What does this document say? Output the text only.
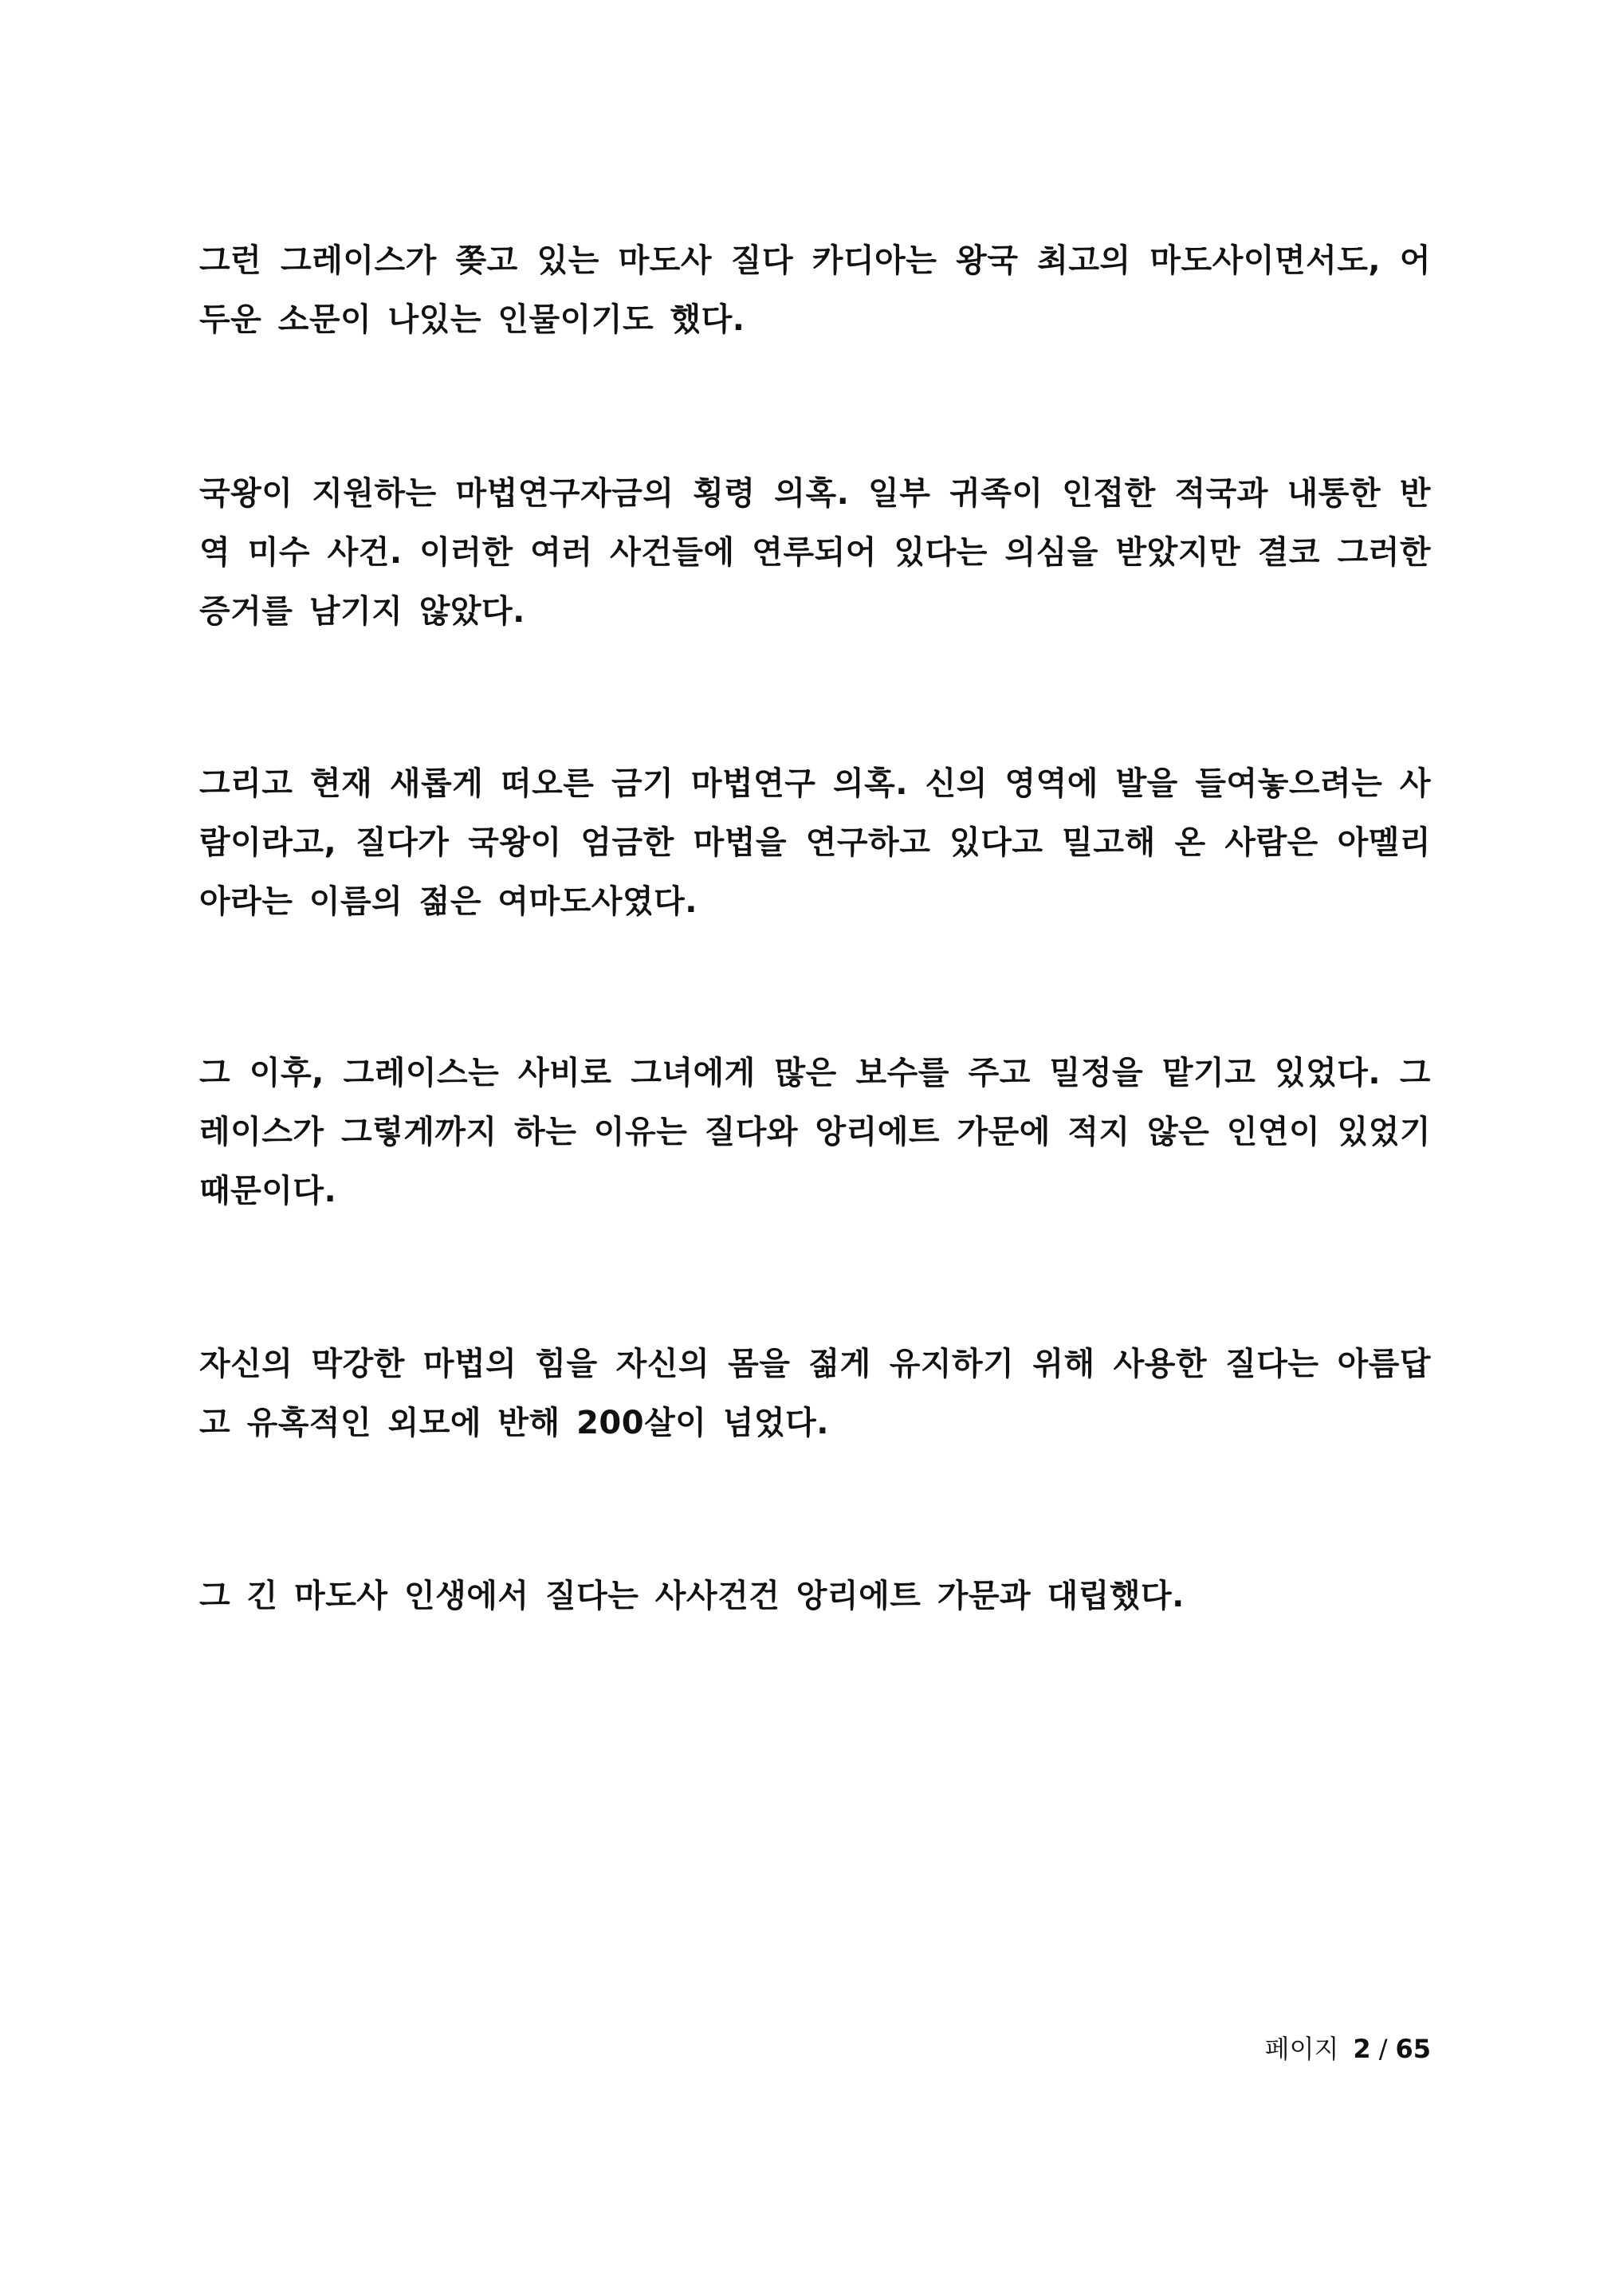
그런 그레이스가 쫒고 있는 마도사 질다 카디아는 왕국 최고의 마도사이면서도, 어두운 소문이 나있는 인물이기도 했다.

국왕이 지원하는 마법연구자금의 횡령 의혹. 일부 귀족이 인접한 적국과 내통한 반역 미수 사건. 이러한 여러 사건들에 연루되어 있다는 의심을 받았지만 결코 그러한 증거를 남기지 않았다.

그리고 현재 새롭게 떠오른 금기 마법연구 의혹. 신의 영역에 발을 들여놓으려는 사람이라고, 질다가 국왕이 엄금한 마법을 연구하고 있다고 밀고해 온 사람은 아멜리아라는 이름의 젊은 여마도사였다.

그 이후, 그레이스는 사비로 그녀에게 많은 보수를 주고 밀정을 맡기고 있었다. 그레이스가 그렇게까지 하는 이유는 질다와 앙리에트 가문에 적지 않은 인연이 있었기 때문이다.

자신의 막강한 마법의 힘을 자신의 몸을 젊게 유지하기 위해 사용한 질다는 아름답고 유혹적인 외모에 반해 200살이 넘었다.

그 긴 마도사 인생에서 질다는 사사건건 앙리에트 가문과 대립했다.

페이지 2 / 65
